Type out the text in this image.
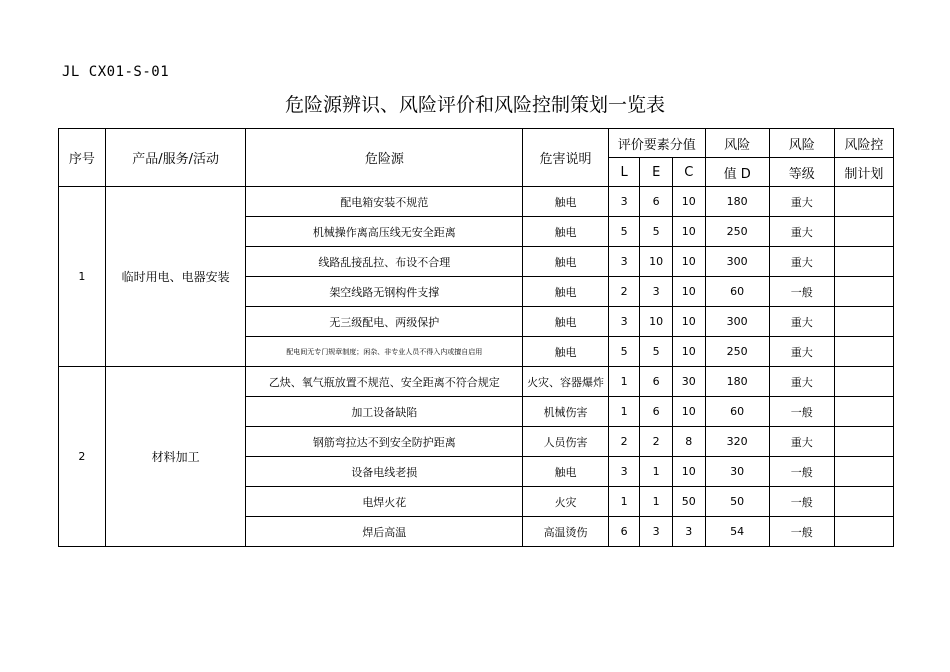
JL CX01-S-01
危险源辨识、风险评价和风险控制策划一览表
序号	产品/服务/活动	危险源	危害说明	评价要素分值			风险	风险	风险控
				L	E	C	值 D	等级	制计划
1	临时用电、电器安装	配电箱安装不规范	触电	3	6	10	180	重大	
		机械操作离高压线无安全距离	触电	5	5	10	250	重大	
		线路乱接乱拉、布设不合理	触电	3	10	10	300	重大	
		架空线路无钢构件支撑	触电	2	3	10	60	一般	
		无三级配电、两级保护	触电	3	10	10	300	重大	
		配电间无专门规章制度；闲杂、非专业人员不得入内或擅自启用	触电	5	5	10	250	重大	
2	材料加工	乙炔、氧气瓶放置不规范、安全距离不符合规定	火灾、容器爆炸	1	6	30	180	重大	
		加工设备缺陷	机械伤害	1	6	10	60	一般	
		钢筋弯拉达不到安全防护距离	人员伤害	2	2	8	320	重大	
		设备电线老损	触电	3	1	10	30	一般	
		电焊火花	火灾	1	1	50	50	一般	
		焊后高温	高温烫伤	6	3	3	54	一般	
